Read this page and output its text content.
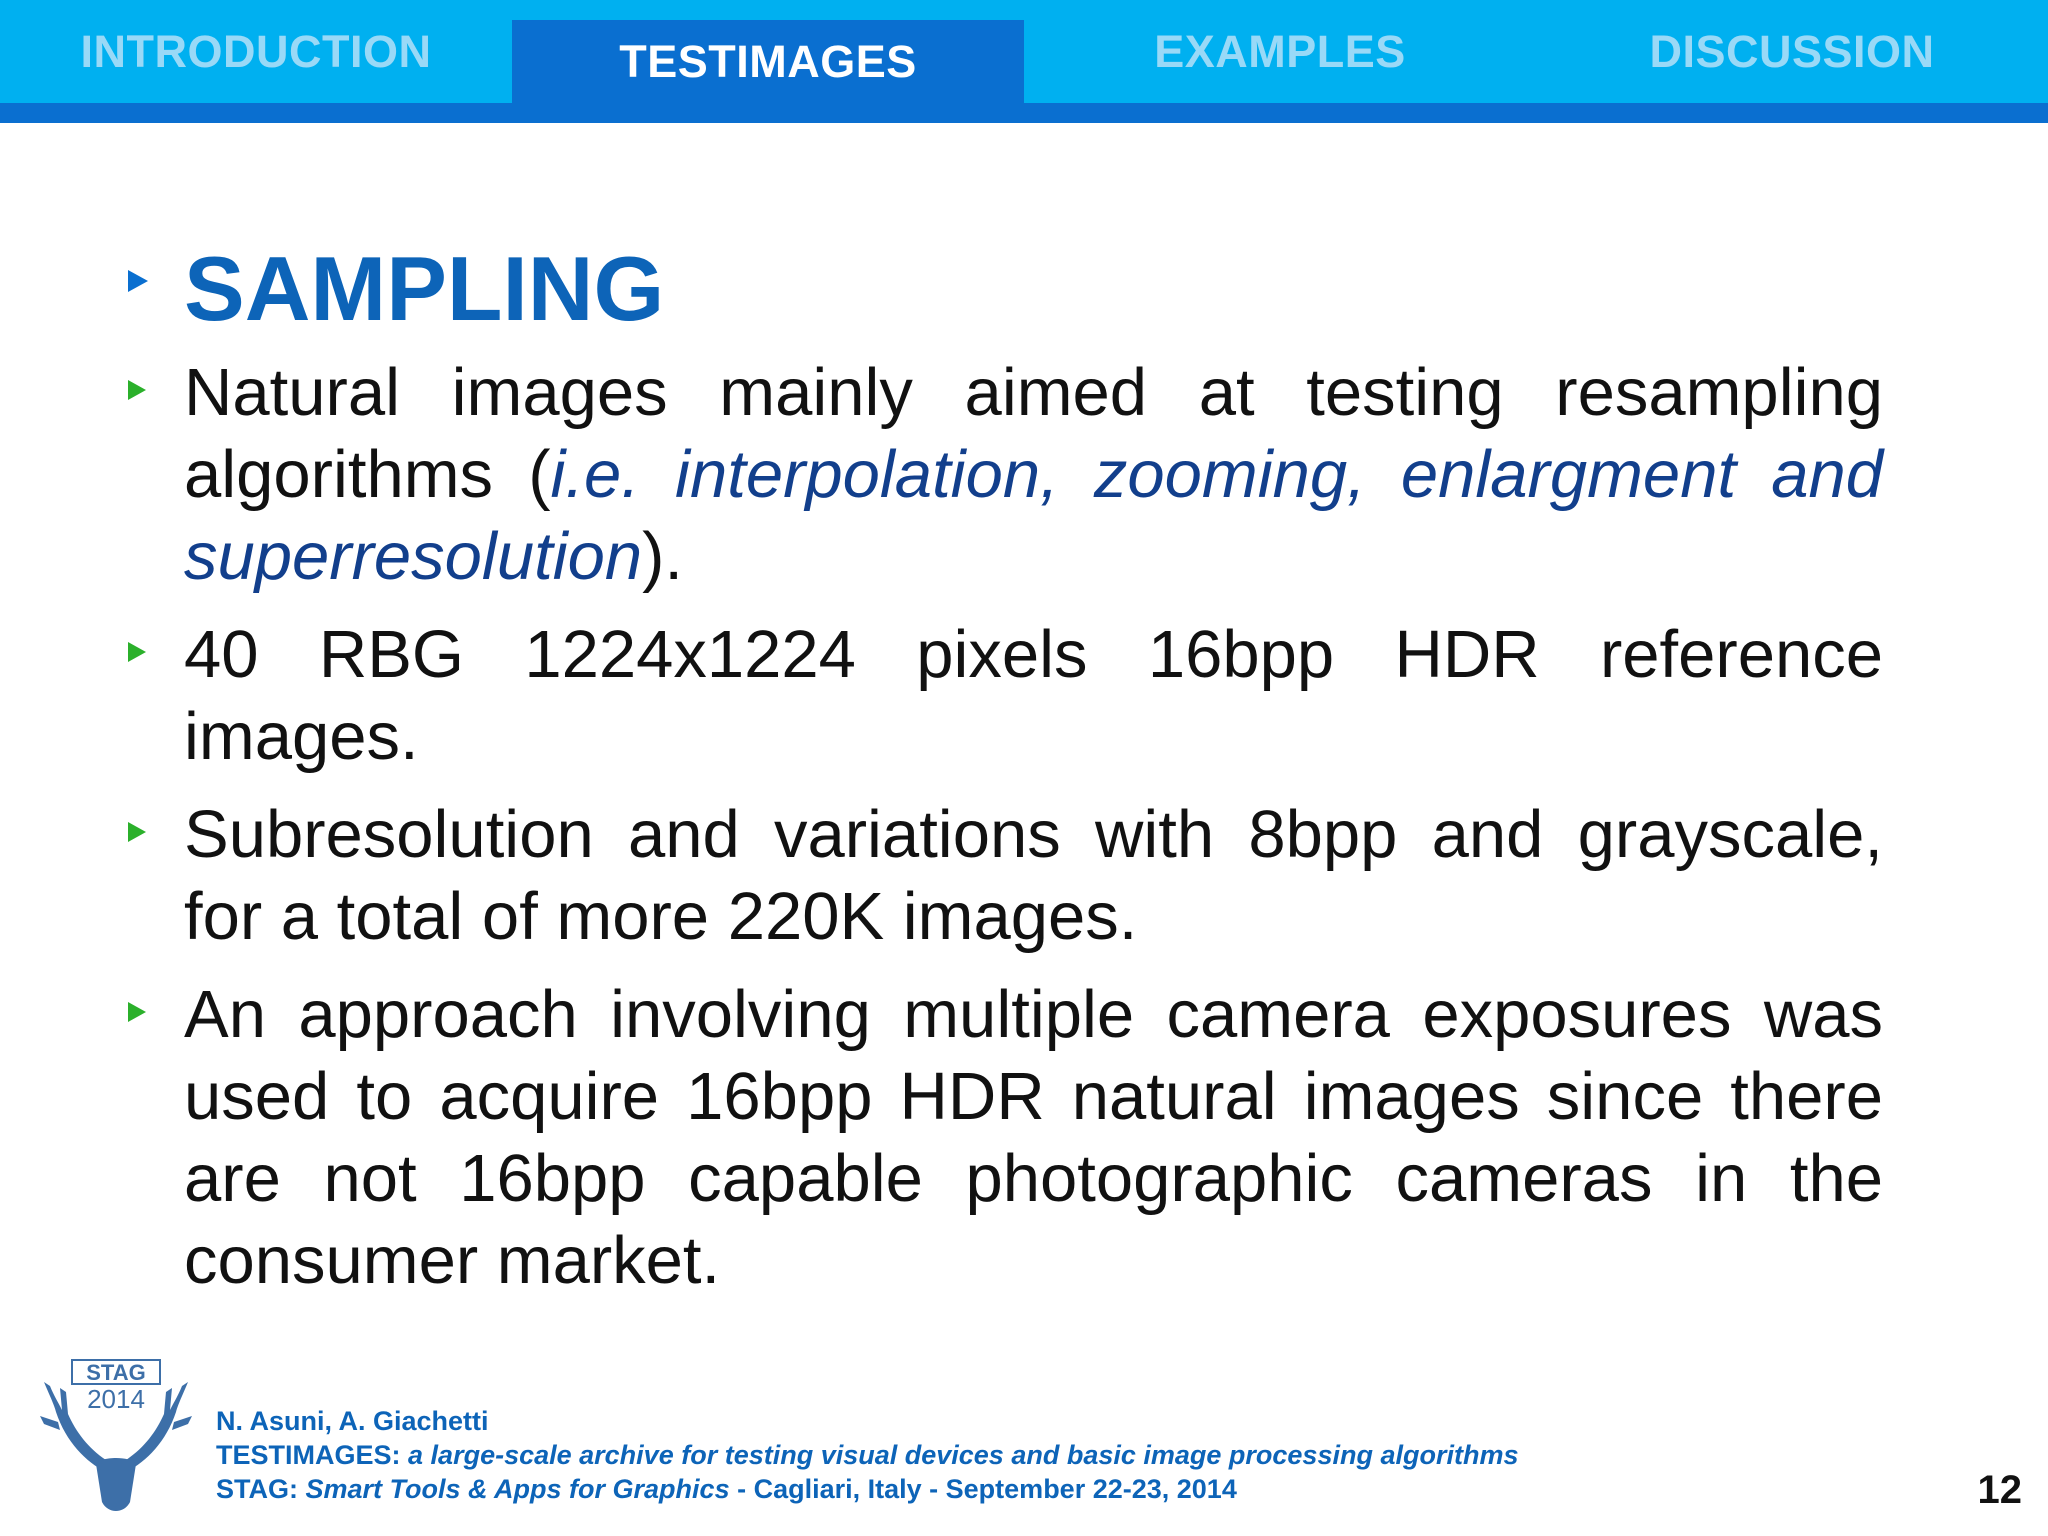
INTRODUCTION	TESTIMAGES	EXAMPLES	DISCUSSION
SAMPLING
Natural images mainly aimed at testing resampling algorithms (i.e. interpolation, zooming, enlargment and superresolution).
40 RBG 1224x1224 pixels 16bpp HDR reference images.
Subresolution and variations with 8bpp and grayscale, for a total of more 220K images.
An approach involving multiple camera exposures was used to acquire 16bpp HDR natural images since there are not 16bpp capable photographic cameras in the consumer market.
STAG
2014
N. Asuni, A. Giachetti
TESTIMAGES: a large-scale archive for testing visual devices and basic image processing algorithms
STAG: Smart Tools & Apps for Graphics - Cagliari, Italy - September 22-23, 2014	12
